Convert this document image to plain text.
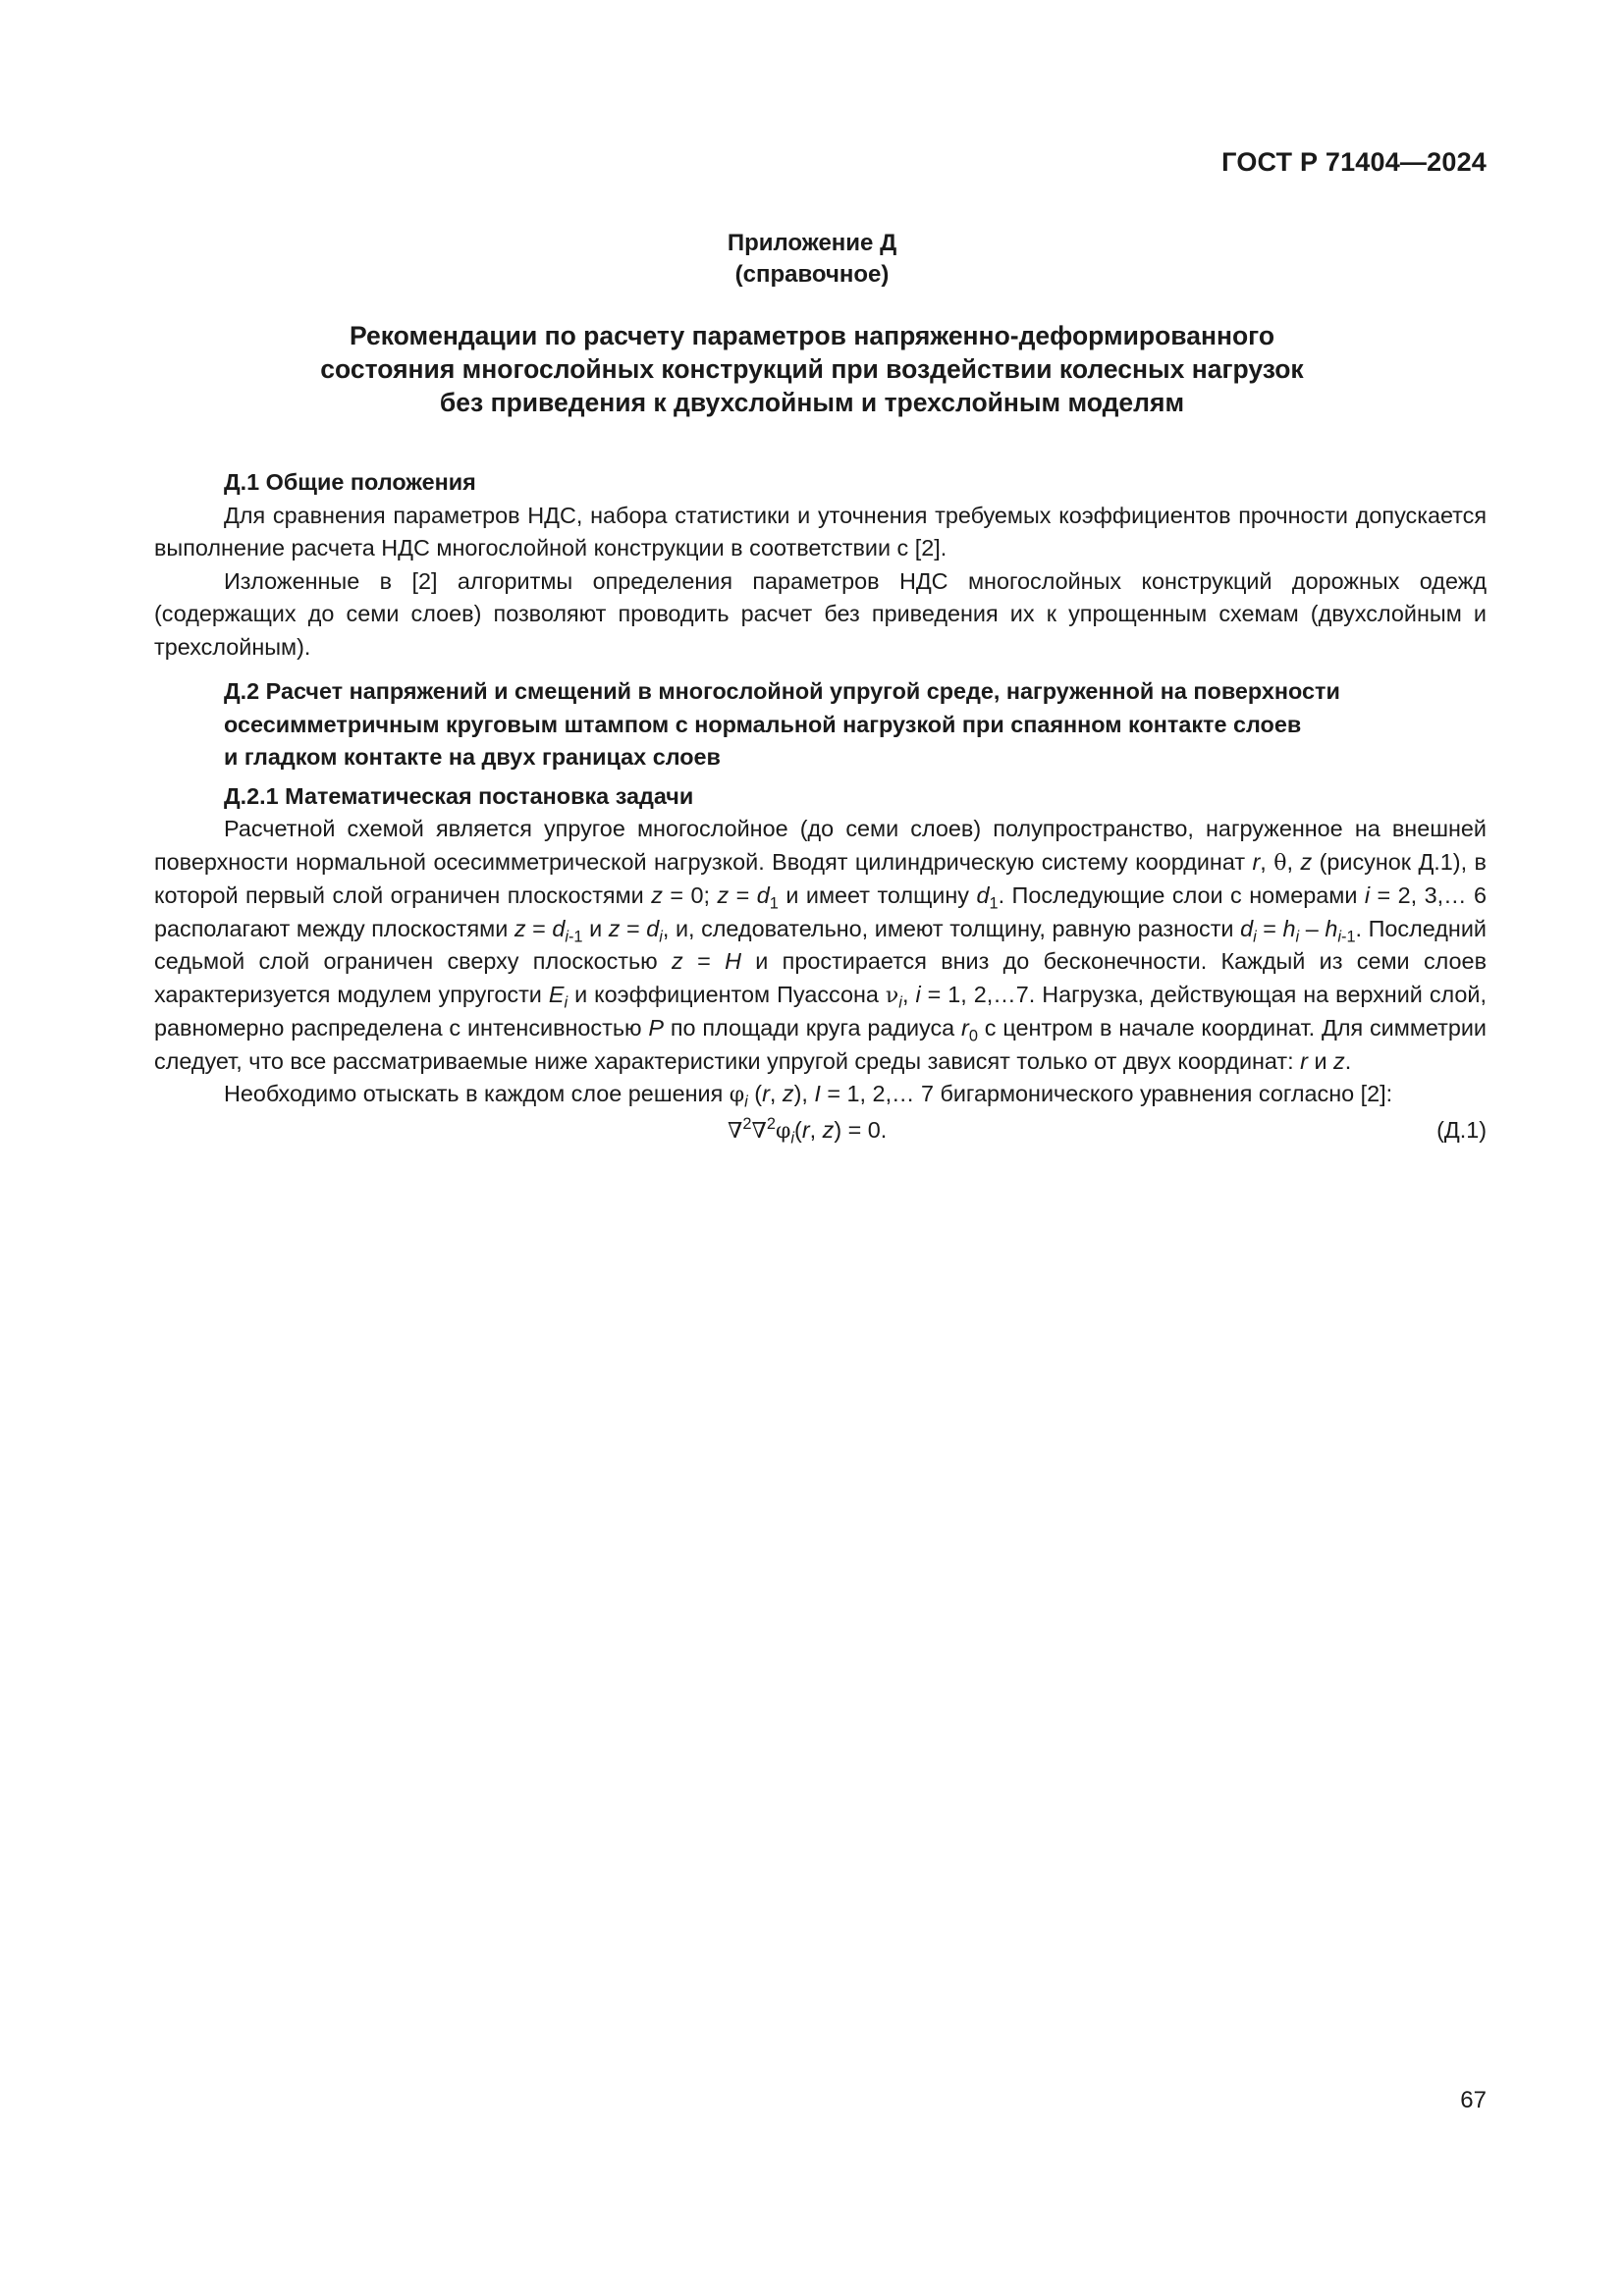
ГОСТ Р 71404—2024
Приложение Д
(справочное)
Рекомендации по расчету параметров напряженно-деформированного
состояния многослойных конструкций при воздействии колесных нагрузок
без приведения к двухслойным и трехслойным моделям
Д.1 Общие положения

Для сравнения параметров НДС, набора статистики и уточнения требуемых коэффициентов прочности допускается выполнение расчета НДС многослойной конструкции в соответствии с [2].

Изложенные в [2] алгоритмы определения параметров НДС многослойных конструкций дорожных одежд (содержащих до семи слоев) позволяют проводить расчет без приведения их к упрощенным схемам (двухслойным и трехслойным).

Д.2 Расчет напряжений и смещений в многослойной упругой среде, нагруженной на поверхности
осесимметричным круговым штампом с нормальной нагрузкой при спаянном контакте слоев
и гладком контакте на двух границах слоев
Д.2.1 Математическая постановка задачи

Расчетной схемой является упругое многослойное (до семи слоев) полупространство, нагруженное на внешней поверхности нормальной осесимметрической нагрузкой. Вводят цилиндрическую систему координат r, θ, z (рисунок Д.1), в которой первый слой ограничен плоскостями z = 0; $z = d_1$ и имеет толщину $d_1$. Последующие слои с номерами i = 2, 3,… 6 располагают между плоскостями $z = d_{i-1}$ и $z = d_i$, и, следовательно, имеют толщину, равную разности $d_i = h_i - h_{i-1}$. Последний седьмой слой ограничен сверху плоскостью z = H и простирается вниз до бесконечности. Каждый из семи слоев характеризуется модулем упругости $E_i$ и коэффициентом Пуассона $\nu_i$, i = 1, 2,…7. Нагрузка, действующая на верхний слой, равномерно распределена с интенсивностью P по площади круга радиуса $r_0$ с центром в начале координат. Для симметрии следует, что все рассматриваемые ниже характеристики упругой среды зависят только от двух координат: r и z.

Необходимо отыскать в каждом слое решения $\varphi_i$ (r, z), I = 1, 2,… 7 бигармонического уравнения согласно [2]:

$\nabla^2\nabla^2\varphi_i(r$, z) = 0.	(Д.1)
67
